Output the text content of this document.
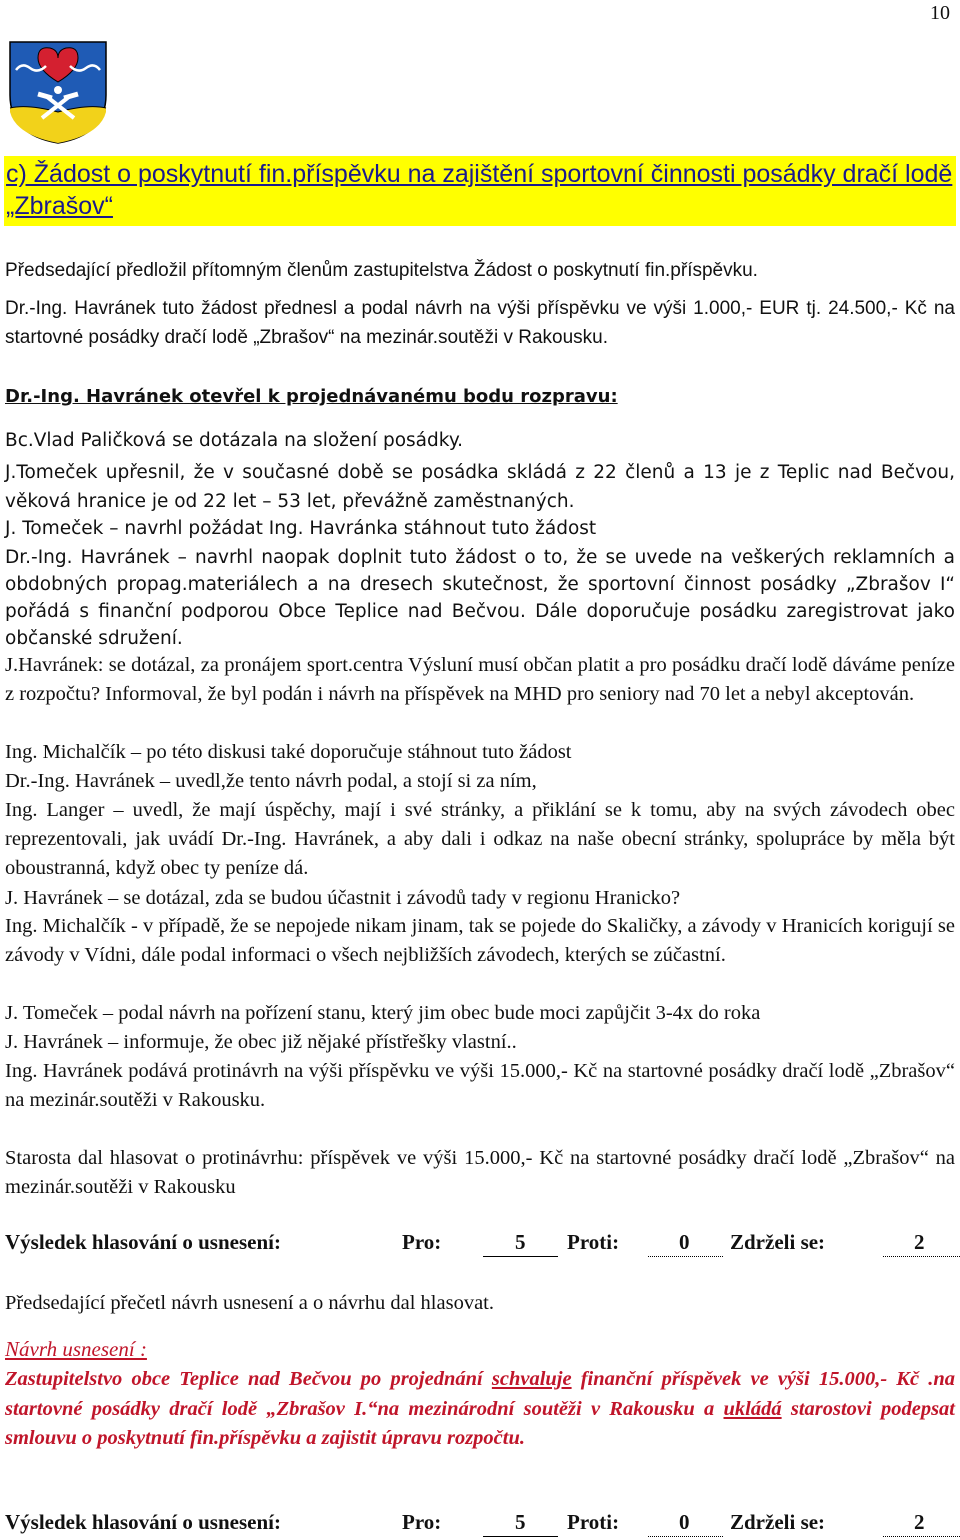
10
c) Žádost o poskytnutí fin.příspěvku na zajištění sportovní činnosti posádky dračí lodě „Zbrašov“

Předsedající předložil přítomným členům zastupitelstva Žádost o poskytnutí fin.příspěvku.

Dr.-Ing. Havránek tuto žádost přednesl a podal návrh na výši příspěvku ve výši 1.000,- EUR tj. 24.500,- Kč na startovné posádky dračí lodě „Zbrašov“ na mezinár.soutěži v Rakousku.

Dr.-Ing. Havránek otevřel k projednávanému bodu rozpravu:

Bc.Vlad Paličková se dotázala na složení posádky.

J.Tomeček upřesnil, že v současné době se posádka skládá z 22 členů a 13 je z Teplic nad Bečvou, věková hranice je od 22 let – 53 let, převážně zaměstnaných.

J. Tomeček – navrhl požádat Ing. Havránka stáhnout tuto žádost

Dr.-Ing. Havránek – navrhl naopak doplnit tuto žádost o to, že se uvede na veškerých reklamních a obdobných propag.materiálech a na dresech skutečnost, že sportovní činnost posádky „Zbrašov I“ pořádá s finanční podporou Obce Teplice nad Bečvou. Dále doporučuje posádku zaregistrovat jako občanské sdružení.

J.Havránek: se dotázal, za pronájem sport.centra Výsluní musí občan platit a pro posádku dračí lodě dáváme peníze z rozpočtu? Informoval, že byl podán i návrh na příspěvek na MHD pro seniory nad 70 let a nebyl akceptován.

Ing. Michalčík – po této diskusi také doporučuje stáhnout tuto žádost

Dr.-Ing. Havránek – uvedl,že tento návrh podal, a stojí si za ním,

Ing. Langer – uvedl, že mají úspěchy, mají i své stránky, a přiklání se k tomu, aby na svých závodech obec reprezentovali, jak uvádí Dr.-Ing. Havránek, a aby dali i odkaz na naše obecní stránky, spolupráce by měla být oboustranná, když obec ty peníze dá.

J. Havránek – se dotázal, zda se budou účastnit i závodů tady v regionu Hranicko?

Ing. Michalčík - v případě, že se nepojede nikam jinam, tak se pojede do Skaličky, a závody v Hranicích korigují se závody v Vídni, dále podal informaci o všech nejbližších závodech, kterých se zúčastní.

J. Tomeček – podal návrh na pořízení stanu, který jim obec bude moci zapůjčit 3-4x do roka

J. Havránek – informuje, že obec již nějaké přístřešky vlastní..

Ing. Havránek podává protinávrh na výši příspěvku ve výši 15.000,- Kč na startovné posádky dračí lodě „Zbrašov“ na mezinár.soutěži v Rakousku.

Starosta dal hlasovat o protinávrhu: příspěvek ve výši 15.000,- Kč na startovné posádky dračí lodě „Zbrašov“ na mezinár.soutěži v Rakousku

Výsledek hlasování o usnesení:	Pro:	5 Proti:	0 Zdrželi se:	2

Předsedající přečetl návrh usnesení a o návrhu dal hlasovat.

Návrh usnesení :

Zastupitelstvo obce Teplice nad Bečvou po projednání schvaluje finanční příspěvek ve výši 15.000,- Kč .na startovné posádky dračí lodě „Zbrašov I.“na mezinárodní soutěži v Rakousku a ukládá starostovi podepsat smlouvu o poskytnutí fin.příspěvku a zajistit úpravu rozpočtu.

Výsledek hlasování o usnesení:	Pro:	5 Proti:	0 Zdrželi se:	2
